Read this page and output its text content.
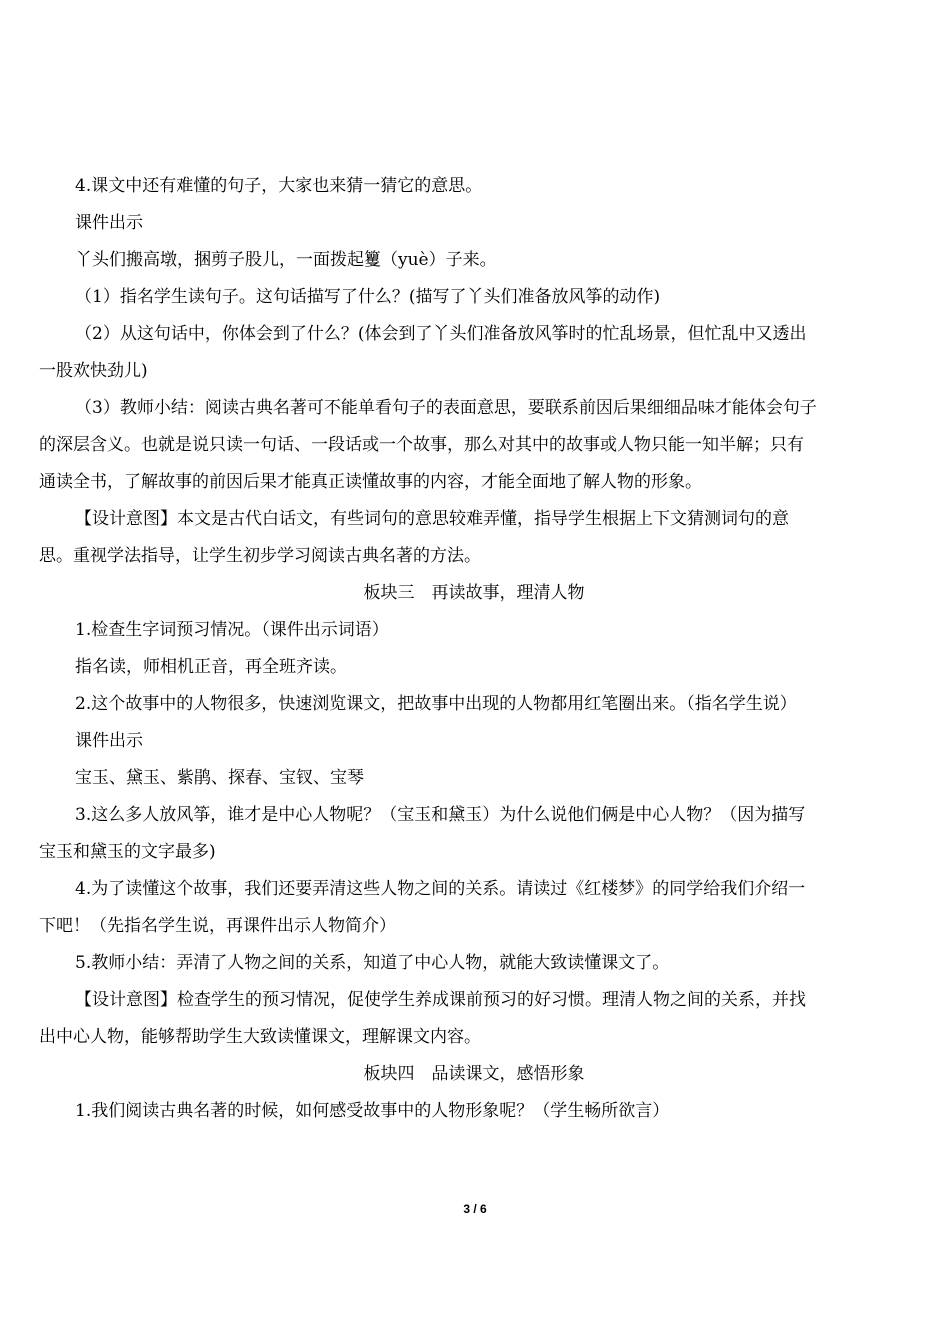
4.课文中还有难懂的句子，大家也来猜一猜它的意思。
课件出示
丫头们搬高墩，捆剪子股儿，一面拨起籰（yuè）子来。
（1）指名学生读句子。这句话描写了什么？(描写了丫头们准备放风筝的动作)
（2）从这句话中，你体会到了什么？(体会到了丫头们准备放风筝时的忙乱场景，但忙乱中又透出
一股欢快劲儿)
（3）教师小结：阅读古典名著可不能单看句子的表面意思，要联系前因后果细细品味才能体会句子
的深层含义。也就是说只读一句话、一段话或一个故事，那么对其中的故事或人物只能一知半解；只有
通读全书，了解故事的前因后果才能真正读懂故事的内容，才能全面地了解人物的形象。
【设计意图】本文是古代白话文，有些词句的意思较难弄懂，指导学生根据上下文猜测词句的意
思。重视学法指导，让学生初步学习阅读古典名著的方法。
板块三　再读故事，理清人物
1.检查生字词预习情况。（课件出示词语）
指名读，师相机正音，再全班齐读。
2.这个故事中的人物很多，快速浏览课文，把故事中出现的人物都用红笔圈出来。（指名学生说）
课件出示
宝玉、黛玉、紫鹃、探春、宝钗、宝琴
3.这么多人放风筝，谁才是中心人物呢？（宝玉和黛玉）为什么说他们俩是中心人物？（因为描写
宝玉和黛玉的文字最多)
4.为了读懂这个故事，我们还要弄清这些人物之间的关系。请读过《红楼梦》的同学给我们介绍一
下吧！（先指名学生说，再课件出示人物简介）
5.教师小结：弄清了人物之间的关系，知道了中心人物，就能大致读懂课文了。
【设计意图】检查学生的预习情况，促使学生养成课前预习的好习惯。理清人物之间的关系，并找
出中心人物，能够帮助学生大致读懂课文，理解课文内容。
板块四　品读课文，感悟形象
1.我们阅读古典名著的时候，如何感受故事中的人物形象呢？（学生畅所欲言）
3 / 6
